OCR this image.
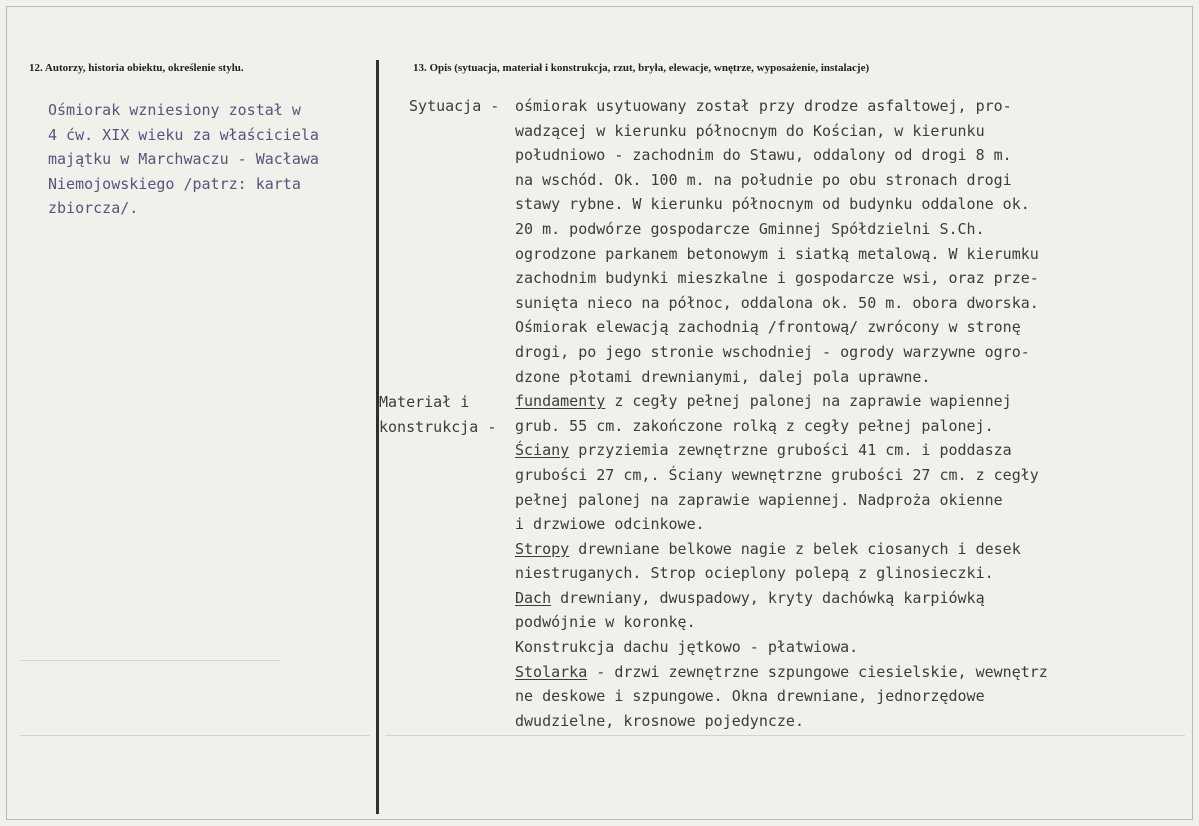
12. Autorzy, historia obiektu, określenie stylu.	13. Opis (sytuacja, materiał i konstrukcja, rzut, bryła, elewacje, wnętrze, wyposażenie, instalacje)
Ośmiorak wzniesiony został w
4 ćw. XIX wieku za właściciela
majątku w Marchwaczu - Wacława
Niemojowskiego /patrz: karta
zbiorcza/.
Sytuacja -
Materiał i
konstrukcja -
ośmiorak usytuowany został przy drodze asfaltowej, pro-
wadzącej w kierunku północnym do Kościan, w kierunku
południowo - zachodnim do Stawu, oddalony od drogi 8 m.
na wschód. Ok. 100 m. na południe po obu stronach drogi
stawy rybne. W kierunku północnym od budynku oddalone ok.
20 m. podwórze gospodarcze Gminnej Spółdzielni S.Ch.
ogrodzone parkanem betonowym i siatką metalową. W kierumku
zachodnim budynki mieszkalne i gospodarcze wsi, oraz prze-
sunięta nieco na północ, oddalona ok. 50 m. obora dworska.
Ośmiorak elewacją zachodnią /frontową/ zwrócony w stronę
drogi, po jego stronie wschodniej - ogrody warzywne ogro-
dzone płotami drewnianymi, dalej pola uprawne.
fundamenty z cegły pełnej palonej na zaprawie wapiennej
grub. 55 cm. zakończone rolką z cegły pełnej palonej.
Ściany przyziemia zewnętrzne grubości 41 cm. i poddasza
grubości 27 cm,. Ściany wewnętrzne grubości 27 cm. z cegły
pełnej palonej na zaprawie wapiennej. Nadproża okienne
i drzwiowe odcinkowe.
Stropy drewniane belkowe nagie z belek ciosanych i desek
niestruganych. Strop ocieplony polepą z glinosieczki.
Dach drewniany, dwuspadowy, kryty dachówką karpiówką
podwójnie w koronkę.
Konstrukcja dachu jętkowo - płatwiowa.
Stolarka - drzwi zewnętrzne szpungowe ciesielskie, wewnętrz
ne deskowe i szpungowe. Okna drewniane, jednorzędowe
dwudzielne, krosnowe pojedyncze.
